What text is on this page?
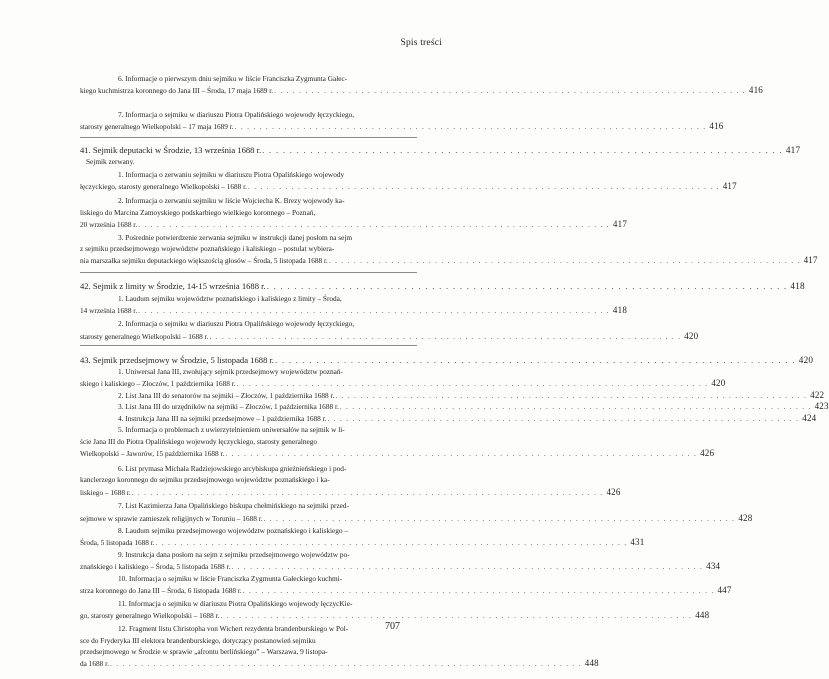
Spis treści
6. Informacje o pierwszym dniu sejmiku w liście Franciszka Zygmunta Gałec-
kiego kuchmistrza koronnego do Jana III – Środa, 17 maja 1689 r. . . . . . . . . . . . . . . . . . . . . . . . . . . . . . . . . . . . . . . . . . . . . . . . . . . . . . . . . . . . . . . . . . . . . . . . . . . . . 416
7. Informacja o sejmiku w diariuszu Piotra Opalińskiego wojewody łęczyckiego,
starosty generalnego Wielkopolski – 17 maja 1689 r. . . . . . . . . . . . . . . . . . . . . . . . . . . . . . . . . . . . . . . . . . . . . . . . . . . . . . . . . . . . . . . . . . . . . . . . . . . . . 416
41. Sejmik deputacki w Środzie, 13 września 1688 r. . . . . . . . . . . . . . . . . . . . . . . . . . . . . . . . . . . . . . . . . . . . . . . . . . . . . . . . . . . . . . . . . . . . . . . . . . . . . 417
Sejmik zerwany.
1. Informacja o zerwaniu sejmiku w diariuszu Piotra Opalińskiego wojewody
łęczyckiego, starosty generalnego Wielkopolski – 1688 r. . . . . . . . . . . . . . . . . . . . . . . . . . . . . . . . . . . . . . . . . . . . . . . . . . . . . . . . . . . . . . . . . . . . . . . . . . . . . 417
2. Informacja o zerwaniu sejmiku w liście Wojciecha K. Brezy wojewody ka-
liskiego do Marcina Zamoyskiego podskarbiego wielkiego koronnego – Poznań,
20 września 1688 r. . . . . . . . . . . . . . . . . . . . . . . . . . . . . . . . . . . . . . . . . . . . . . . . . . . . . . . . . . . . . . . . . . . . . . . . . . . . . 417
3. Pośrednie potwierdzenie zerwania sejmiku w instrukcji danej posłom na sejm
z sejmiku przedsejmowego województw poznańskiego i kaliskiego – postulat wybiera-
nia marszałka sejmiku deputackiego większością głosów – Środa, 5 listopada 1688 r. . . . . . . . . . . . . . . . . . . . . . . . . . . . . . . . . . . . . . . . . . . . . . . . . . . . . . . . . . . . . . . . . . . . . . . . . . . . . 417
42. Sejmik z limity w Środzie, 14-15 września 1688 r. . . . . . . . . . . . . . . . . . . . . . . . . . . . . . . . . . . . . . . . . . . . . . . . . . . . . . . . . . . . . . . . . . . . . . . . . . . . . 418
1. Laudum sejmiku województw poznańskiego i kaliskiego z limity – Środa,
14 września 1688 r. . . . . . . . . . . . . . . . . . . . . . . . . . . . . . . . . . . . . . . . . . . . . . . . . . . . . . . . . . . . . . . . . . . . . . . . . . . . . 418
2. Informacja o sejmiku w diariuszu Piotra Opalińskiego wojewody łęczyckiego,
starosty generalnego Wielkopolski – 1688 r. . . . . . . . . . . . . . . . . . . . . . . . . . . . . . . . . . . . . . . . . . . . . . . . . . . . . . . . . . . . . . . . . . . . . . . . . . . . . 420
43. Sejmik przedsejmowy w Środzie, 5 listopada 1688 r. . . . . . . . . . . . . . . . . . . . . . . . . . . . . . . . . . . . . . . . . . . . . . . . . . . . . . . . . . . . . . . . . . . . . . . . . . . . . 420
1. Uniwersał Jana III, zwołujący sejmik przedsejmowy województw poznań-
skiego i kaliskiego – Złoczów, 1 października 1688 r. . . . . . . . . . . . . . . . . . . . . . . . . . . . . . . . . . . . . . . . . . . . . . . . . . . . . . . . . . . . . . . . . . . . . . . . . . . . . 420
2. List Jana III do senatorów na sejmiki – Złoczów, 1 października 1688 r. . . . . . . . . . . . . . . . . . . . . . . . . . . . . . . . . . . . . . . . . . . . . . . . . . . . . . . . . . . . . . . . . . . . . . . . . . . . . 422
3. List Jana III do urzędników na sejmiki – Złoczów, 1 października 1688 r. . . . . . . . . . . . . . . . . . . . . . . . . . . . . . . . . . . . . . . . . . . . . . . . . . . . . . . . . . . . . . . . . . . . . . . . . . . . . 423
4. Instrukcja Jana III na sejmiki przedsejmowe – 1 października 1688 r. . . . . . . . . . . . . . . . . . . . . . . . . . . . . . . . . . . . . . . . . . . . . . . . . . . . . . . . . . . . . . . . . . . . . . . . . . . . . 424
5. Informacja o problemach z uwierzytelnieniem uniwersałów na sejmik w li-
ście Jana III do Piotra Opalińskiego wojewody łęczyckiego, starosty generalnego
Wielkopolski – Jaworów, 15 października 1688 r. . . . . . . . . . . . . . . . . . . . . . . . . . . . . . . . . . . . . . . . . . . . . . . . . . . . . . . . . . . . . . . . . . . . . . . . . . . . . 426
6. List prymasa Michała Radziejowskiego arcybiskupa gnieźnieńskiego i pod-
kanclerzego koronnego do sejmiku przedsejmowego województw poznańskiego i ka-
liskiego – 1688 r. . . . . . . . . . . . . . . . . . . . . . . . . . . . . . . . . . . . . . . . . . . . . . . . . . . . . . . . . . . . . . . . . . . . . . . . . . . . . 426
7. List Kazimierza Jana Opalińskiego biskupa chełmińskiego na sejmiki przed-
sejmowe w sprawie zamieszek religijnych w Toruniu – 1688 r. . . . . . . . . . . . . . . . . . . . . . . . . . . . . . . . . . . . . . . . . . . . . . . . . . . . . . . . . . . . . . . . . . . . . . . . . . . . . 428
8. Laudum sejmiku przedsejmowego województw poznańskiego i kaliskiego –
Środa, 5 listopada 1688 r. . . . . . . . . . . . . . . . . . . . . . . . . . . . . . . . . . . . . . . . . . . . . . . . . . . . . . . . . . . . . . . . . . . . . . . . . . . . . 431
9. Instrukcja dana posłom na sejm z sejmiku przedsejmowego województw po-
znańskiego i kaliskiego – Środa, 5 listopada 1688 r. . . . . . . . . . . . . . . . . . . . . . . . . . . . . . . . . . . . . . . . . . . . . . . . . . . . . . . . . . . . . . . . . . . . . . . . . . . . . 434
10. Informacja o sejmiku w liście Franciszka Zygmunta Gałeckiego kuchmi-
strza koronnego do Jana III – Środa, 6 listopada 1688 r. . . . . . . . . . . . . . . . . . . . . . . . . . . . . . . . . . . . . . . . . . . . . . . . . . . . . . . . . . . . . . . . . . . . . . . . . . . . . 447
11. Informacja o sejmiku w diariuszu Piotra Opalińskiego wojewody łęczycKie-
go, starosty generalnego Wielkopolski – 1688 r. . . . . . . . . . . . . . . . . . . . . . . . . . . . . . . . . . . . . . . . . . . . . . . . . . . . . . . . . . . . . . . . . . . . . . . . . . . . . 448
12. Fragment listu Christopha von Wichert rezydenta brandenburskiego w Pol-
sce do Fryderyka III elektora brandenburskiego, dotyczący postanowień sejmiku
przedsejmowego w Środzie w sprawie „afrontu berlińskiego” – Warszawa, 9 listopa-
da 1688 r. . . . . . . . . . . . . . . . . . . . . . . . . . . . . . . . . . . . . . . . . . . . . . . . . . . . . . . . . . . . . . . . . . . . . . . . . . . . . 448
707
